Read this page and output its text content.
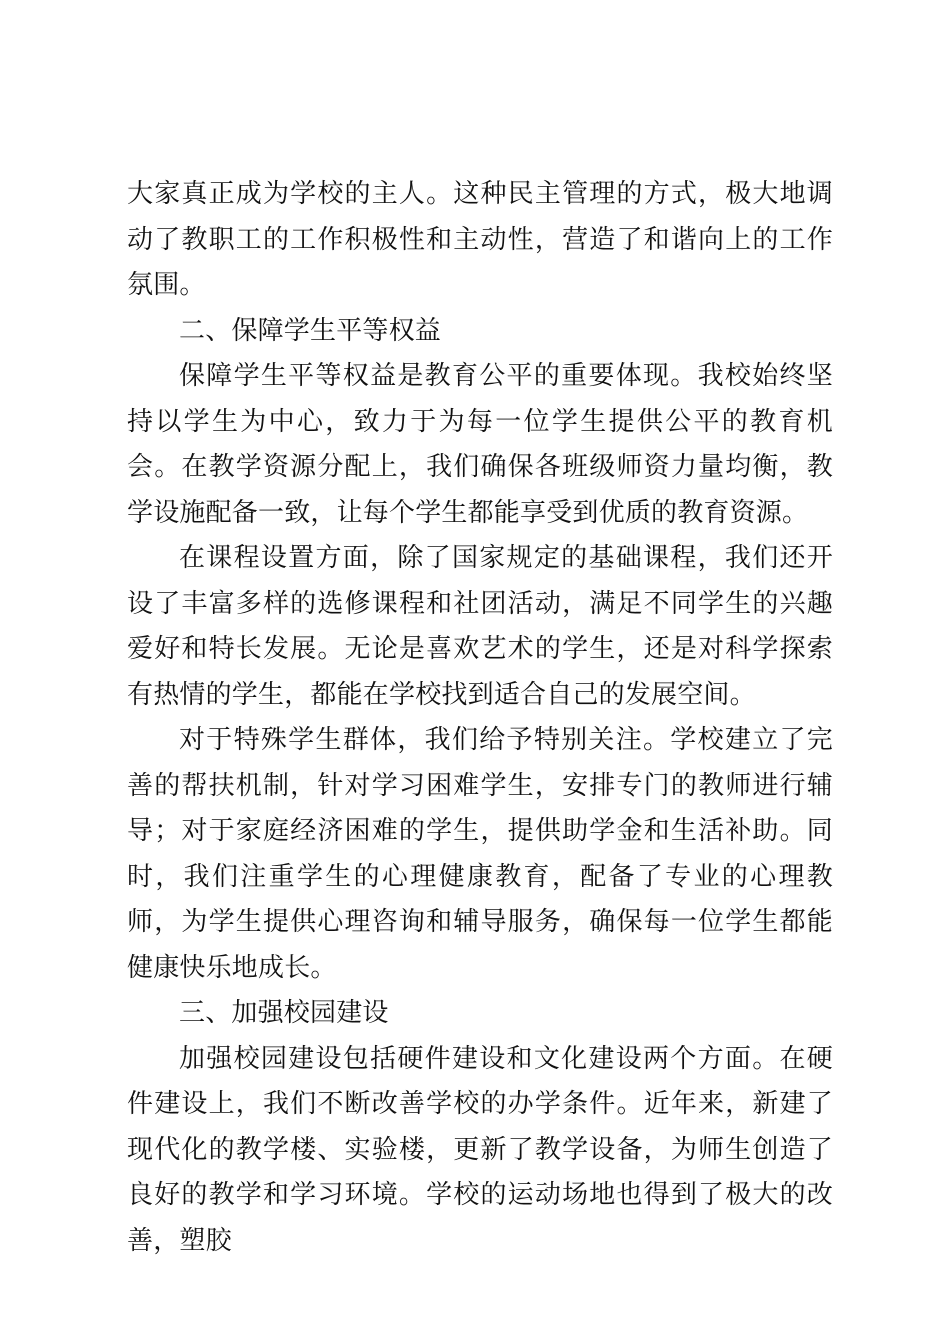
大家真正成为学校的主人。这种民主管理的方式，极大地调动了教职工的工作积极性和主动性，营造了和谐向上的工作氛围。

二、保障学生平等权益

保障学生平等权益是教育公平的重要体现。我校始终坚持以学生为中心，致力于为每一位学生提供公平的教育机会。在教学资源分配上，我们确保各班级师资力量均衡，教学设施配备一致，让每个学生都能享受到优质的教育资源。

在课程设置方面，除了国家规定的基础课程，我们还开设了丰富多样的选修课程和社团活动，满足不同学生的兴趣爱好和特长发展。无论是喜欢艺术的学生，还是对科学探索有热情的学生，都能在学校找到适合自己的发展空间。

对于特殊学生群体，我们给予特别关注。学校建立了完善的帮扶机制，针对学习困难学生，安排专门的教师进行辅导；对于家庭经济困难的学生，提供助学金和生活补助。同时，我们注重学生的心理健康教育，配备了专业的心理教师，为学生提供心理咨询和辅导服务，确保每一位学生都能健康快乐地成长。

三、加强校园建设

加强校园建设包括硬件建设和文化建设两个方面。在硬件建设上，我们不断改善学校的办学条件。近年来，新建了现代化的教学楼、实验楼，更新了教学设备，为师生创造了良好的教学和学习环境。学校的运动场地也得到了极大的改善，塑胶
